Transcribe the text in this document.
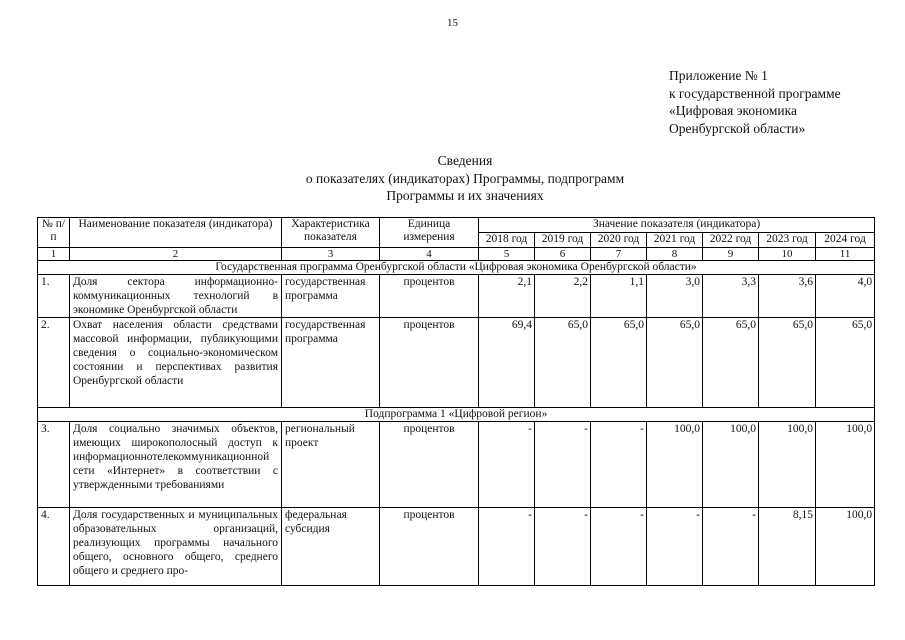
15
Приложение № 1
к государственной программе
«Цифровая экономика
Оренбургской области»
Сведения
о показателях (индикаторах) Программы, подпрограмм
Программы и их значениях
№ п/п	Наименование показателя (индикатора)	Характеристика показателя	Единица измерения	Значение показателя (индикатора)						
				2018 год	2019 год	2020 год	2021 год	2022 год	2023 год	2024 год
1	2	3	4	5	6	7	8	9	10	11
Государственная программа Оренбургской области «Цифровая экономика Оренбургской области»										
1.	Доля сектора информационно-коммуникационных технологий в экономике Оренбургской области	государственная программа	процентов	2,1	2,2	1,1	3,0	3,3	3,6	4,0
2.	Охват населения области средствами массовой информации, публикующими сведения о социально-экономическом состоянии и перспективах развития Оренбургской области	государственная программа	процентов	69,4	65,0	65,0	65,0	65,0	65,0	65,0
Подпрограмма 1 «Цифровой регион»										
3.	Доля социально значимых объектов, имеющих широкополосный доступ к информационнотелекоммуникационной сети «Интернет» в соответствии с утвержденными требованиями	региональный проект	процентов	-	-	-	100,0	100,0	100,0	100,0
4.	Доля государственных и муниципальных образовательных организаций, реализующих программы начального общего, основного общего, среднего общего и среднего про-	федеральная субсидия	процентов	-	-	-	-	-	8,15	100,0
